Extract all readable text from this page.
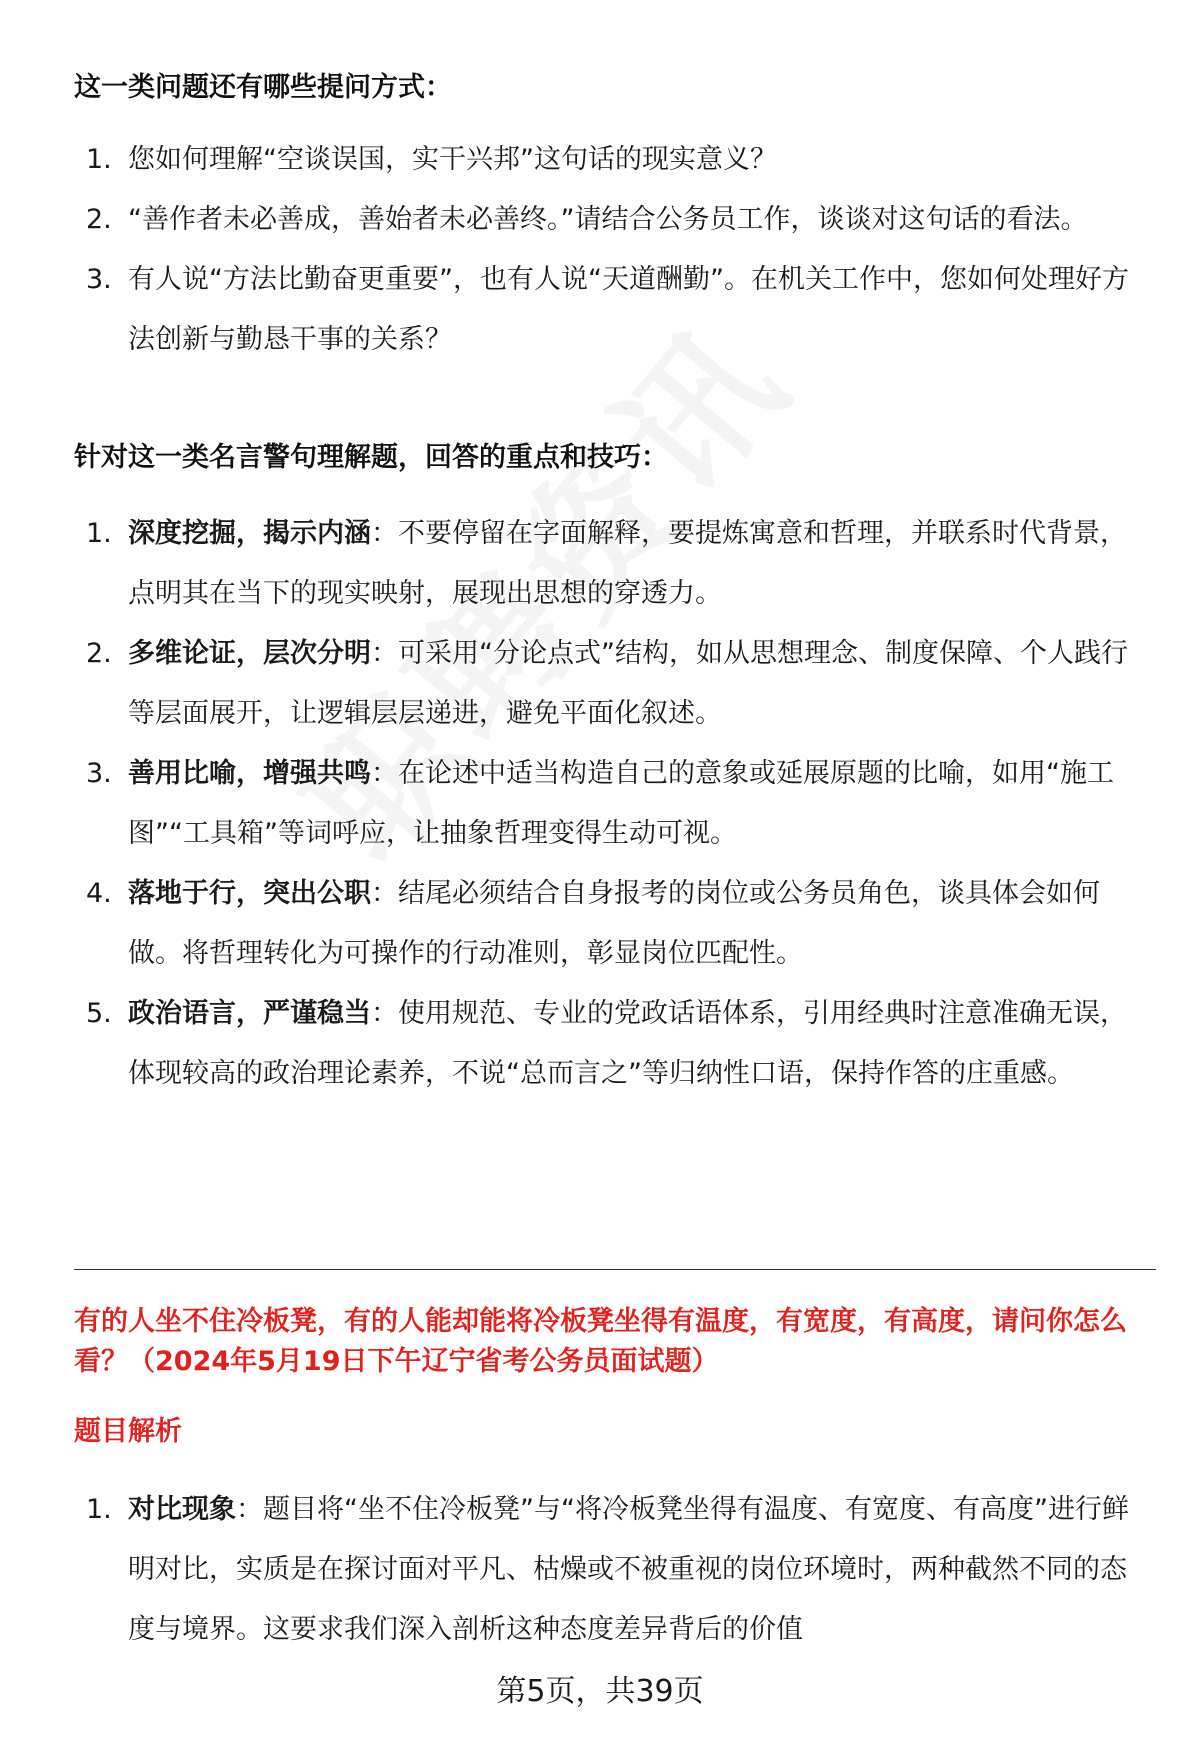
这一类问题还有哪些提问方式：
1. 您如何理解“空谈误国，实干兴邦”这句话的现实意义？
2. “善作者未必善成，善始者未必善终。”请结合公务员工作，谈谈对这句话的看法。
3. 有人说“方法比勤奋更重要”，也有人说“天道酬勤”。在机关工作中，您如何处理好方法创新与勤恳干事的关系？
针对这一类名言警句理解题，回答的重点和技巧：
1. 深度挖掘，揭示内涵：不要停留在字面解释，要提炼寓意和哲理，并联系时代背景，点明其在当下的现实映射，展现出思想的穿透力。
2. 多维论证，层次分明：可采用“分论点式”结构，如从思想理念、制度保障、个人践行等层面展开，让逻辑层层递进，避免平面化叙述。
3. 善用比喻，增强共鸣：在论述中适当构造自己的意象或延展原题的比喻，如用“施工图”“工具箱”等词呼应，让抽象哲理变得生动可视。
4. 落地于行，突出公职：结尾必须结合自身报考的岗位或公务员角色，谈具体会如何做。将哲理转化为可操作的行动准则，彰显岗位匹配性。
5. 政治语言，严谨稳当：使用规范、专业的党政话语体系，引用经典时注意准确无误，体现较高的政治理论素养，不说“总而言之”等归纳性口语，保持作答的庄重感。
有的人坐不住冷板凳，有的人能却能将冷板凳坐得有温度，有宽度，有高度，请问你怎么看？（2024年5月19日下午辽宁省考公务员面试题）
题目解析
1. 对比现象：题目将“坐不住冷板凳”与“将冷板凳坐得有温度、有宽度、有高度”进行鲜明对比，实质是在探讨面对平凡、枯燥或不被重视的岗位环境时，两种截然不同的态度与境界。这要求我们深入剖析这种态度差异背后的价值
第5页，共39页
